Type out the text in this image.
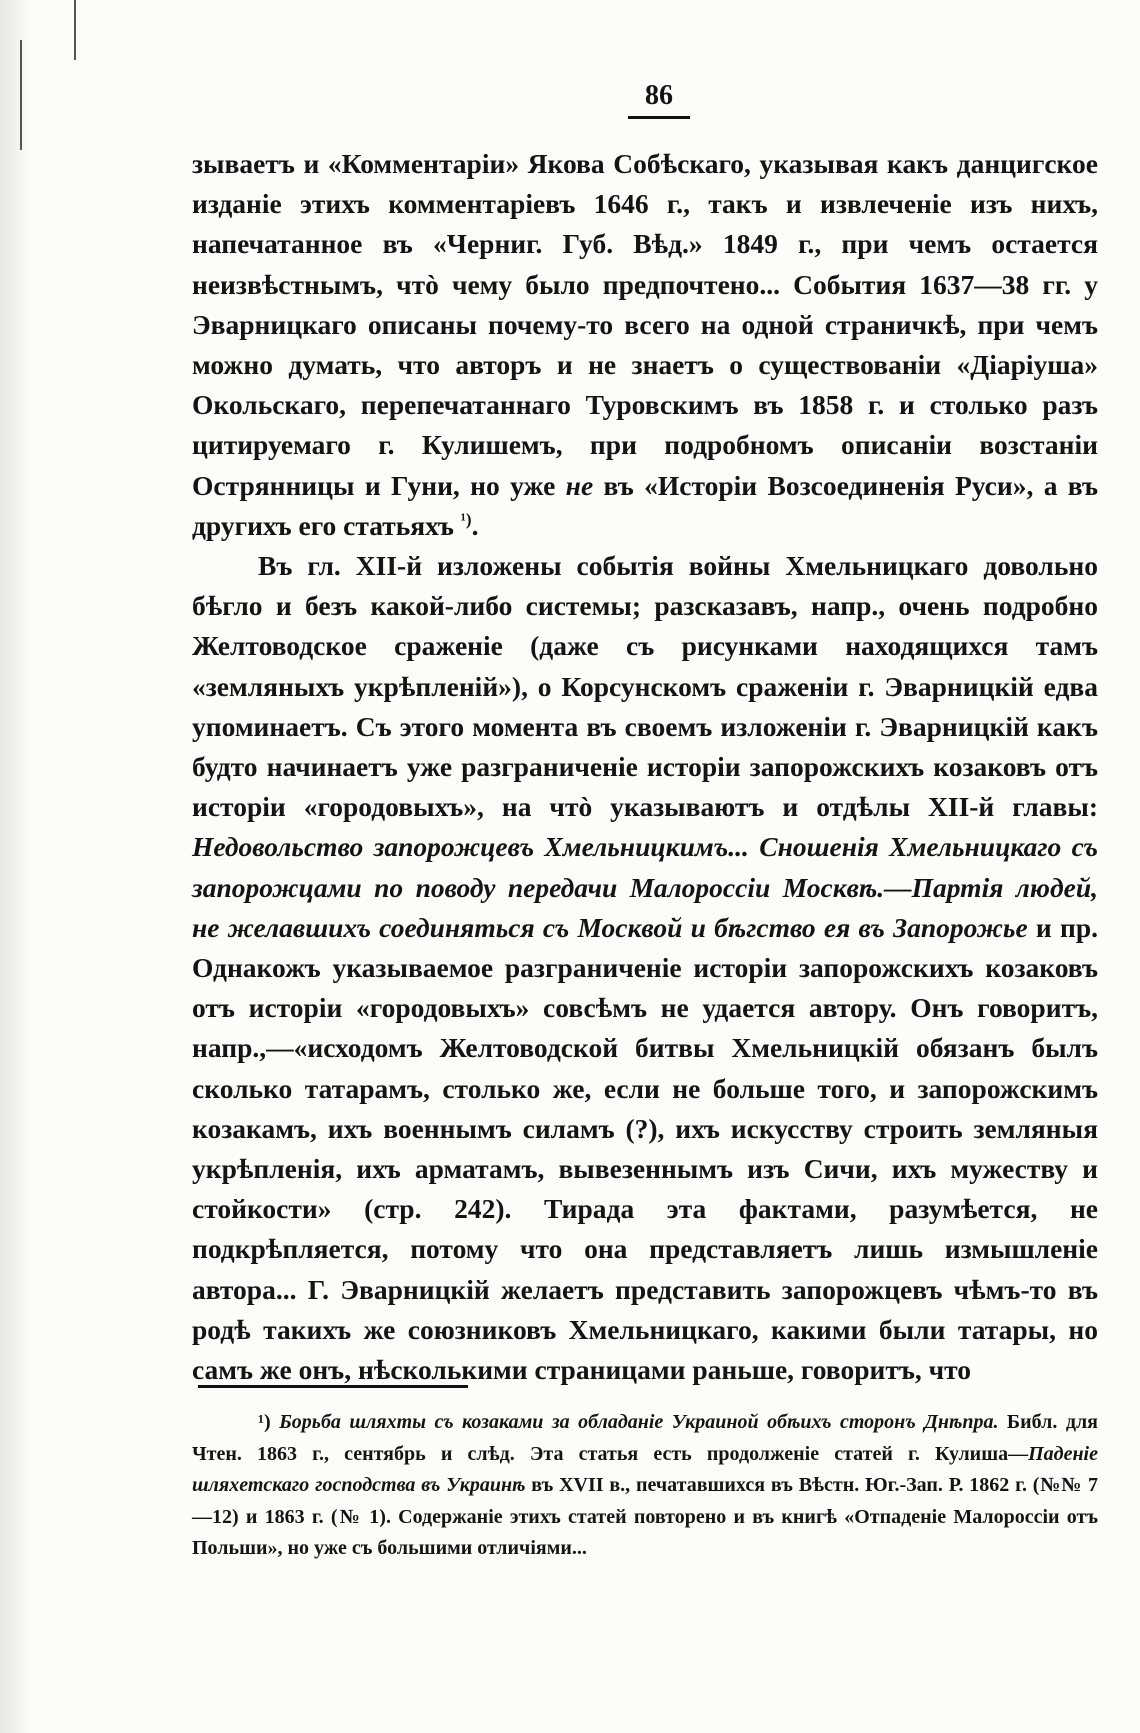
86

зываетъ и «Комментаріи» Якова Собѣскаго, указывая какъ данцигское изданіе этихъ комментаріевъ 1646 г., такъ и извлеченіе изъ нихъ, напечатанное въ «Черниг. Губ. Вѣд.» 1849 г., при чемъ остается неизвѣстнымъ, чтò чему было предпочтено... События 1637—38 гг. у Эварницкаго описаны почему-то всего на одной страничкѣ, при чемъ можно думать, что авторъ и не знаетъ о существованіи «Діаріуша» Окольскаго, перепечатаннаго Туровскимъ въ 1858 г. и столько разъ цитируемаго г. Кулишемъ, при подробномъ описаніи возстаніи Острянницы и Гуни, но уже не въ «Исторіи Возсоединенія Руси», а въ другихъ его статьяхъ $^{^1)}$.

Въ гл. XII-й изложены событія войны Хмельницкаго довольно бѣгло и безъ какой-либо системы; разсказавъ, напр., очень подробно Желтоводское сраженіе (даже съ рисунками находящихся тамъ «земляныхъ укрѣпленій»), о Корсунскомъ сраженіи г. Эварницкій едва упоминаетъ. Съ этого момента въ своемъ изложеніи г. Эварницкій какъ будто начинаетъ уже разграниченіе исторіи запорожскихъ козаковъ отъ исторіи «городовыхъ», на чтò указываютъ и отдѣлы XII-й главы: Недовольство запорожцевъ Хмельницкимъ... Сношенія Хмельницкаго съ запорожцами по поводу передачи Малороссіи Москвѣ.—Партія людей, не желавшихъ соединяться съ Москвой и бѣгство ея въ Запорожье и пр. Однакожъ указываемое разграниченіе исторіи запорожскихъ козаковъ отъ исторіи «городовыхъ» совсѣмъ не удается автору. Онъ говоритъ, напр.,—«исходомъ Желтоводской битвы Хмельницкій обязанъ былъ сколько татарамъ, столько же, если не больше того, и запорожскимъ козакамъ, ихъ военнымъ силамъ (?), ихъ искусству строить земляныя укрѣпленія, ихъ арматамъ, вывезеннымъ изъ Сичи, ихъ мужеству и стойкости» (стр. 242). Тирада эта фактами, разумѣется, не подкрѣпляется, потому что она представляетъ лишь измышленіе автора... Г. Эварницкій желаетъ представить запорожцевъ чѣмъ-то въ родѣ такихъ же союзниковъ Хмельницкаго, какими были татары, но самъ же онъ, нѣсколькими страницами раньше, говоритъ, что

¹) Борьба шляхты съ козаками за обладаніе Украиной обѣихъ сторонъ Днѣпра. Библ. для Чтен. 1863 г., сентябрь и слѣд. Эта статья есть продолженіе статей г. Кулиша—Паденіе шляхетскаго господства въ Украинѣ въ XVII в., печатавшихся въ Вѣстн. Юг.-Зап. Р. 1862 г. (№№ 7—12) и 1863 г. (№ 1). Содержаніе этихъ статей повторено и въ книгѣ «Отпаденіе Малороссіи отъ Польши», но уже съ большими отличіями...
